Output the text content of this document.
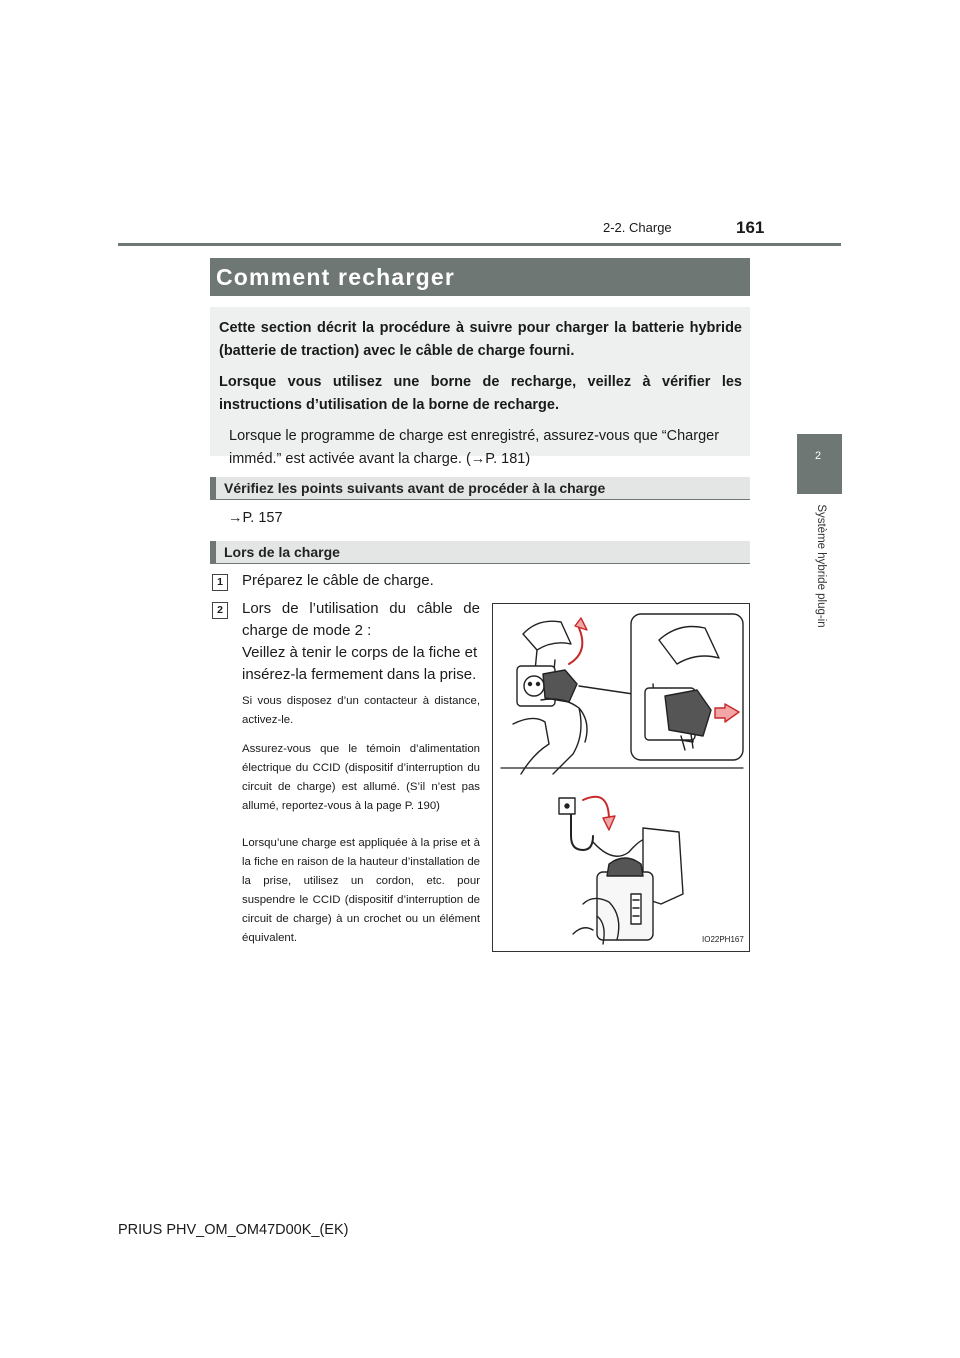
2-2. Charge	161
2
Système hybride plug-in
Comment recharger

Cette section décrit la procédure à suivre pour charger la batterie hybride (batterie de traction) avec le câble de charge fourni.

Lorsque vous utilisez une borne de recharge, veillez à vérifier les instructions d’utilisation de la borne de recharge.

Lorsque le programme de charge est enregistré, assurez-vous que “Charger imméd.” est activée avant la charge. (→P. 181)

Vérifiez les points suivants avant de procéder à la charge
→P. 157
Lors de la charge
1	Préparez le câble de charge.
2	Lors de l’utilisation du câble de
charge de mode 2 :
Veillez à tenir le corps de la fiche et
insérez-la fermement dans la prise.

Si vous disposez d’un contacteur à distance, activez-le.

Assurez-vous que le témoin d’alimentation électrique du CCID (dispositif d’interruption du circuit de charge) est allumé. (S’il n’est pas allumé, reportez-vous à la page P. 190)

Lorsqu’une charge est appliquée à la prise et à la fiche en raison de la hauteur d’installation de la prise, utilisez un cordon, etc. pour suspendre le CCID (dispositif d’interruption de circuit de charge) à un crochet ou un élément équivalent.	IO22PH167
PRIUS PHV_OM_OM47D00K_(EK)
